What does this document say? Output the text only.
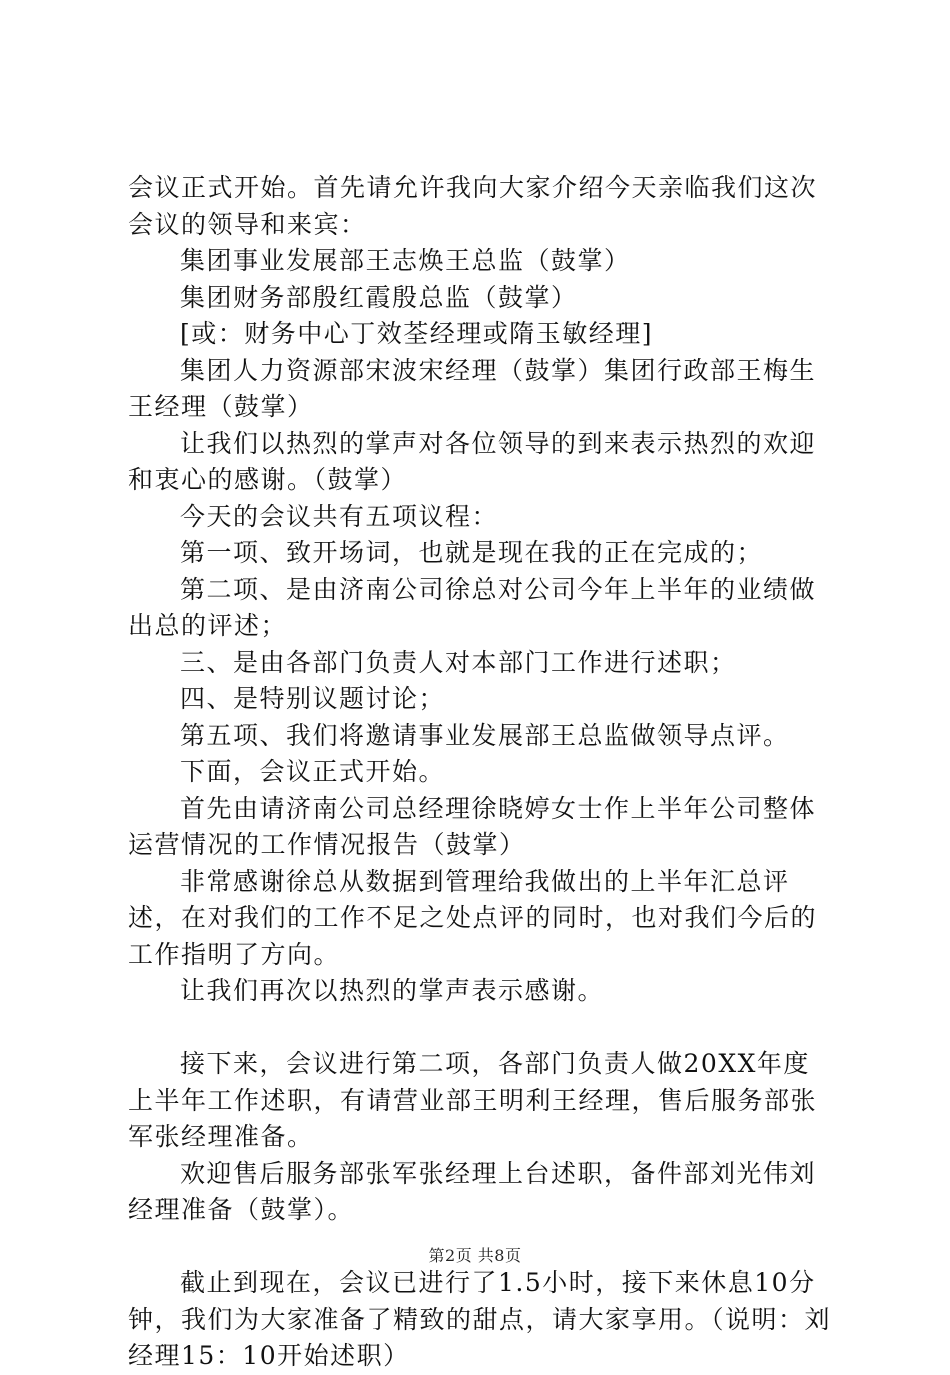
会议正式开始。首先请允许我向大家介绍今天亲临我们这次会议的领导和来宾：

集团事业发展部王志焕王总监（鼓掌）

集团财务部殷红霞殷总监（鼓掌）

[或：财务中心丁效荃经理或隋玉敏经理]

集团人力资源部宋波宋经理（鼓掌）集团行政部王梅生王经理（鼓掌）

让我们以热烈的掌声对各位领导的到来表示热烈的欢迎和衷心的感谢。（鼓掌）

今天的会议共有五项议程：

第一项、致开场词，也就是现在我的正在完成的；

第二项、是由济南公司徐总对公司今年上半年的业绩做出总的评述；

三、是由各部门负责人对本部门工作进行述职；

四、是特别议题讨论；

第五项、我们将邀请事业发展部王总监做领导点评。

下面，会议正式开始。

首先由请济南公司总经理徐晓婷女士作上半年公司整体运营情况的工作情况报告（鼓掌）

非常感谢徐总从数据到管理给我做出的上半年汇总评述，在对我们的工作不足之处点评的同时，也对我们今后的工作指明了方向。

让我们再次以热烈的掌声表示感谢。

接下来，会议进行第二项，各部门负责人做20XX年度上半年工作述职，有请营业部王明利王经理，售后服务部张军张经理准备。

欢迎售后服务部张军张经理上台述职，备件部刘光伟刘经理准备（鼓掌）。

截止到现在，会议已进行了1.5小时，接下来休息10分钟，我们为大家准备了精致的甜点，请大家享用。（说明：刘经理15：10开始述职）

第2页 共8页
